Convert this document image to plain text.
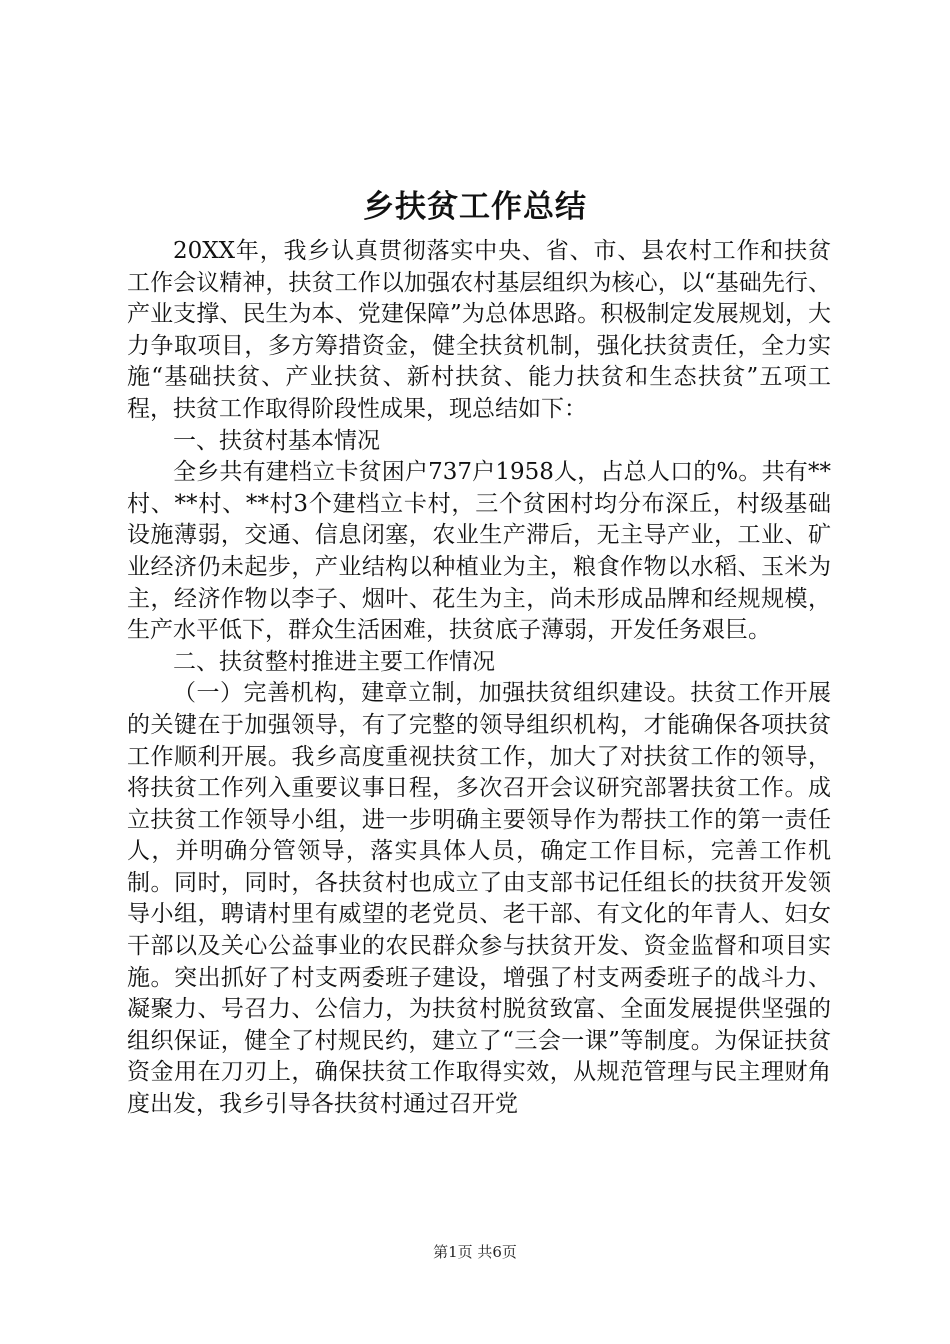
乡扶贫工作总结

20XX年，我乡认真贯彻落实中央、省、市、县农村工作和扶贫工作会议精神，扶贫工作以加强农村基层组织为核心，以“基础先行、产业支撑、民生为本、党建保障”为总体思路。积极制定发展规划，大力争取项目，多方筹措资金，健全扶贫机制，强化扶贫责任，全力实施“基础扶贫、产业扶贫、新村扶贫、能力扶贫和生态扶贫”五项工程，扶贫工作取得阶段性成果，现总结如下：

一、扶贫村基本情况

全乡共有建档立卡贫困户737户1958人，占总人口的%。共有**村、**村、**村3个建档立卡村，三个贫困村均分布深丘，村级基础设施薄弱，交通、信息闭塞，农业生产滞后，无主导产业，工业、矿业经济仍未起步，产业结构以种植业为主，粮食作物以水稻、玉米为主，经济作物以李子、烟叶、花生为主，尚未形成品牌和经规规模，生产水平低下，群众生活困难，扶贫底子薄弱，开发任务艰巨。

二、扶贫整村推进主要工作情况

（一）完善机构，建章立制，加强扶贫组织建设。扶贫工作开展的关键在于加强领导，有了完整的领导组织机构，才能确保各项扶贫工作顺利开展。我乡高度重视扶贫工作，加大了对扶贫工作的领导，将扶贫工作列入重要议事日程，多次召开会议研究部署扶贫工作。成立扶贫工作领导小组，进一步明确主要领导作为帮扶工作的第一责任人，并明确分管领导，落实具体人员，确定工作目标，完善工作机制。同时，同时，各扶贫村也成立了由支部书记任组长的扶贫开发领导小组，聘请村里有威望的老党员、老干部、有文化的年青人、妇女干部以及关心公益事业的农民群众参与扶贫开发、资金监督和项目实施。突出抓好了村支两委班子建设，增强了村支两委班子的战斗力、凝聚力、号召力、公信力，为扶贫村脱贫致富、全面发展提供坚强的组织保证，健全了村规民约，建立了“三会一课”等制度。为保证扶贫资金用在刀刃上，确保扶贫工作取得实效，从规范管理与民主理财角度出发，我乡引导各扶贫村通过召开党

第1页 共6页
